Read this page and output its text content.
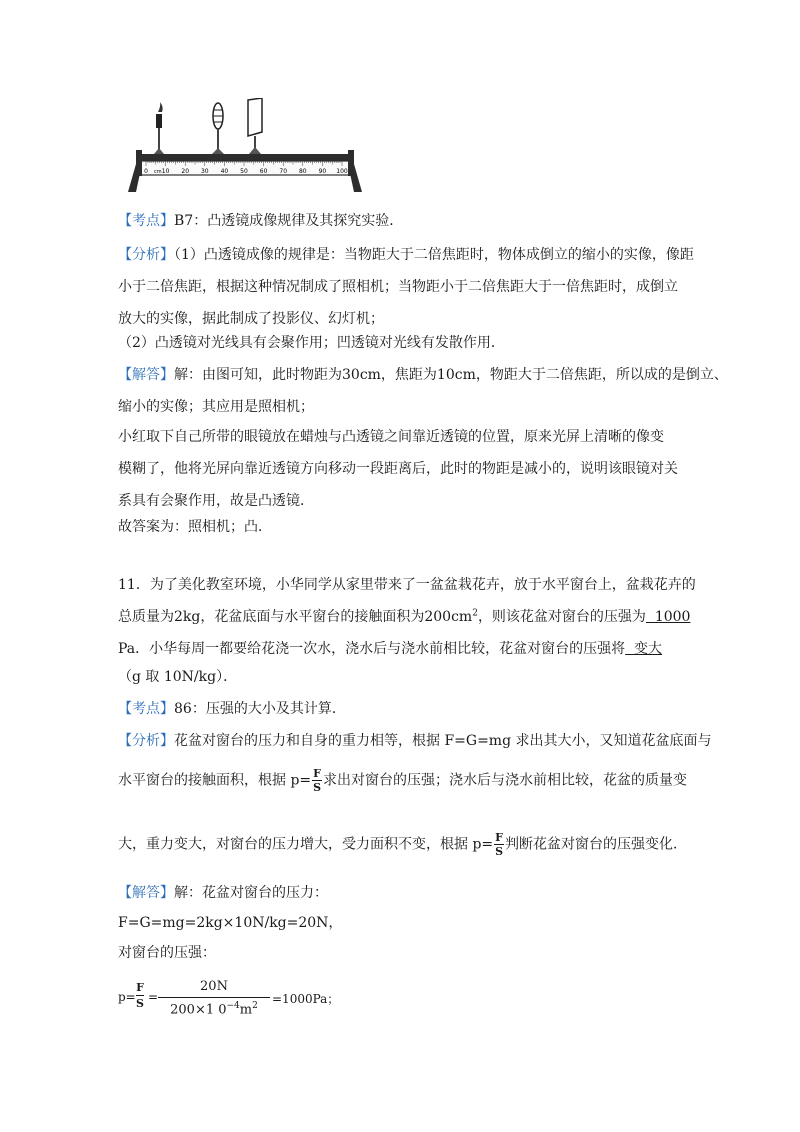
0 10 20 30 40 50 60 70 80 90 100
cm
【考点】B7：凸透镜成像规律及其探究实验．
【分析】（1）凸透镜成像的规律是：当物距大于二倍焦距时，物体成倒立的缩小的实像，像距
小于二倍焦距，根据这种情况制成了照相机；当物距小于二倍焦距大于一倍焦距时，成倒立
放大的实像，据此制成了投影仪、幻灯机；
（2）凸透镜对光线具有会聚作用；凹透镜对光线有发散作用．
【解答】解：由图可知，此时物距为30cm，焦距为10cm，物距大于二倍焦距，所以成的是倒立、
缩小的实像；其应用是照相机；
小红取下自己所带的眼镜放在蜡烛与凸透镜之间靠近透镜的位置，原来光屏上清晰的像变
模糊了，他将光屏向靠近透镜方向移动一段距离后，此时的物距是减小的，说明该眼镜对关
系具有会聚作用，故是凸透镜．
故答案为：照相机；凸．
11．为了美化教室环境，小华同学从家里带来了一盆盆栽花卉，放于水平窗台上，盆栽花卉的
总质量为2kg，花盆底面与水平窗台的接触面积为$200cm^2$，则该花盆对窗台的压强为  1000
Pa．小华每周一都要给花浇一次水，浇水后与浇水前相比较，花盆对窗台的压强将  变大
（g 取 10N/kg）．
【考点】86：压强的大小及其计算．
【分析】花盆对窗台的压力和自身的重力相等，根据 F=G=mg 求出其大小，又知道花盆底面与
水平窗台的接触面积，根据 $p= \frac{F}{S}$ 求出对窗台的压强；浇水后与浇水前相比较，花盆的质量变
大，重力变大，对窗台的压力增大，受力面积不变，根据 $p= \frac{F}{S}$ 判断花盆对窗台的压强变化．
【解答】解：花盆对窗台的压力：
F=G=mg=2kg×10N/kg=20N，
对窗台的压强：
$p= \frac{F}{S} = \frac{20N}{200\times 1 0^{-4}m^2} =1000Pa$；
